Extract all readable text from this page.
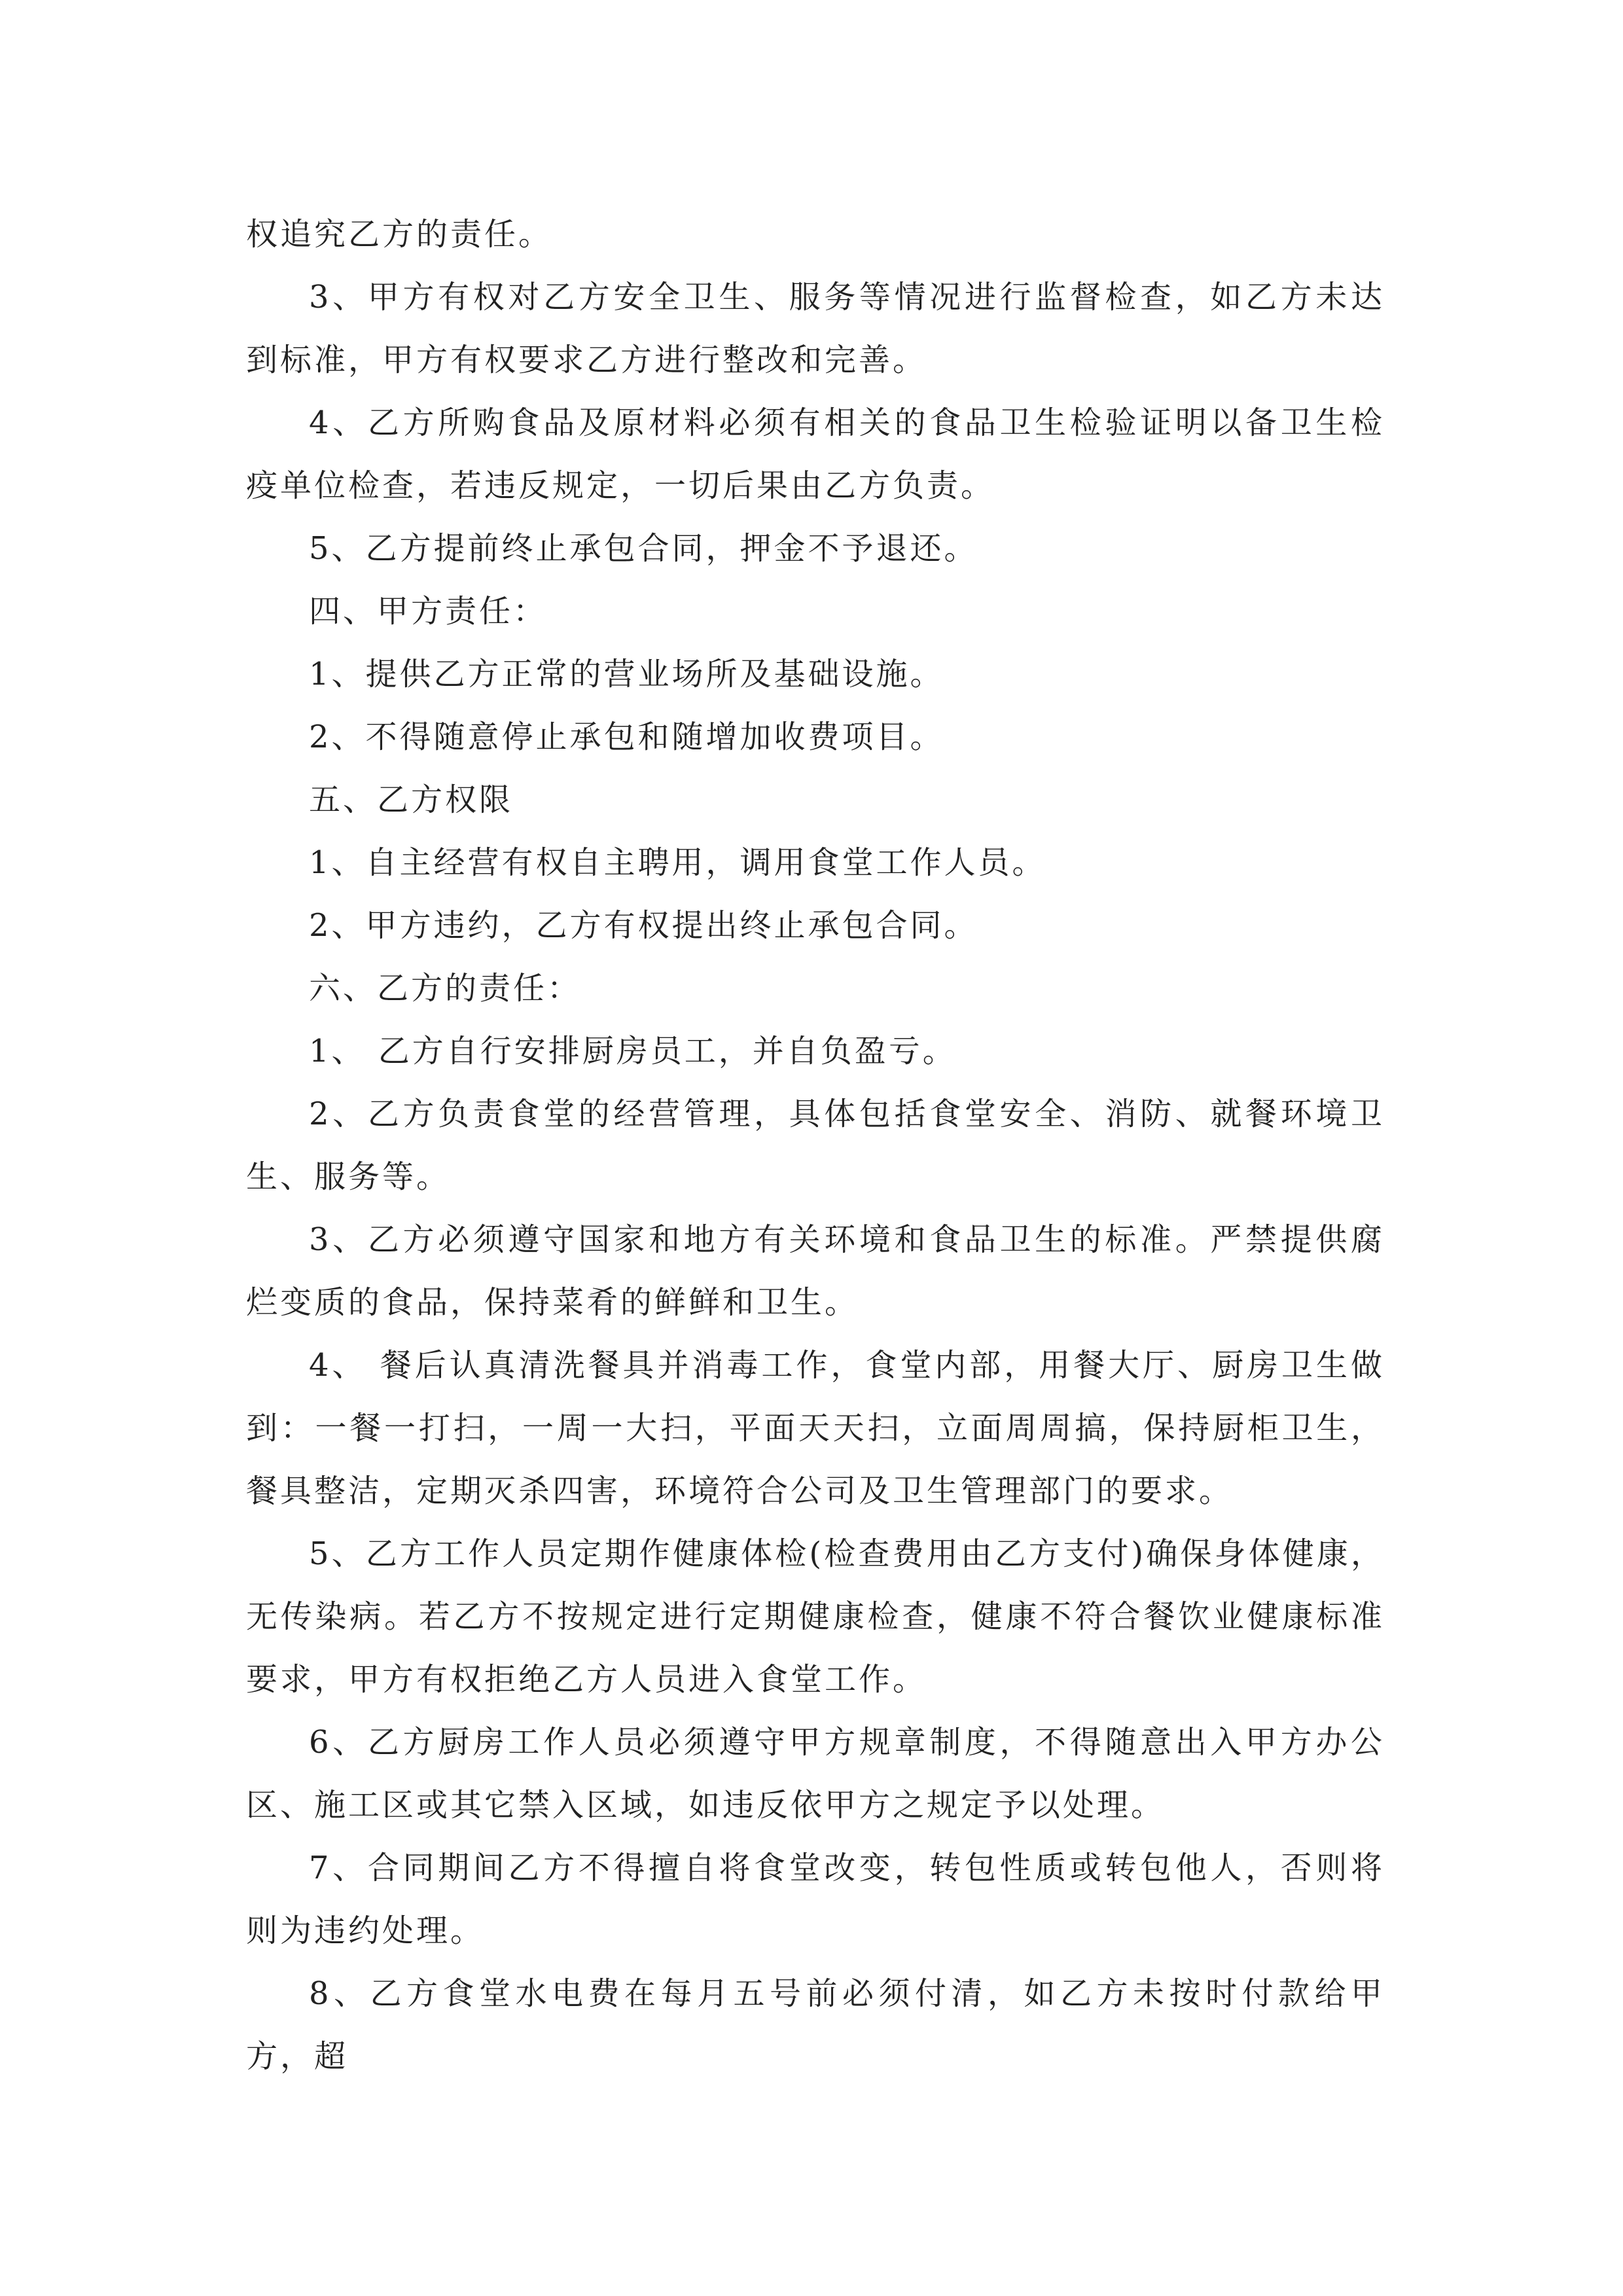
权追究乙方的责任。

3、甲方有权对乙方安全卫生、服务等情况进行监督检查，如乙方未达到标准，甲方有权要求乙方进行整改和完善。

4、乙方所购食品及原材料必须有相关的食品卫生检验证明以备卫生检疫单位检查，若违反规定，一切后果由乙方负责。

5、乙方提前终止承包合同，押金不予退还。

四、甲方责任：

1、提供乙方正常的营业场所及基础设施。

2、不得随意停止承包和随增加收费项目。

五、乙方权限

1、自主经营有权自主聘用，调用食堂工作人员。

2、甲方违约，乙方有权提出终止承包合同。

六、乙方的责任：

1、 乙方自行安排厨房员工，并自负盈亏。

2、乙方负责食堂的经营管理，具体包括食堂安全、消防、就餐环境卫生、服务等。

3、乙方必须遵守国家和地方有关环境和食品卫生的标准。严禁提供腐烂变质的食品，保持菜肴的鲜鲜和卫生。

4、 餐后认真清洗餐具并消毒工作，食堂内部，用餐大厅、厨房卫生做到：一餐一打扫，一周一大扫，平面天天扫，立面周周搞，保持厨柜卫生，餐具整洁，定期灭杀四害，环境符合公司及卫生管理部门的要求。

5、乙方工作人员定期作健康体检(检查费用由乙方支付)确保身体健康，无传染病。若乙方不按规定进行定期健康检查，健康不符合餐饮业健康标准要求，甲方有权拒绝乙方人员进入食堂工作。

6、乙方厨房工作人员必须遵守甲方规章制度，不得随意出入甲方办公区、施工区或其它禁入区域，如违反依甲方之规定予以处理。

7、合同期间乙方不得擅自将食堂改变，转包性质或转包他人，否则将则为违约处理。

8、乙方食堂水电费在每月五号前必须付清，如乙方未按时付款给甲方，超
